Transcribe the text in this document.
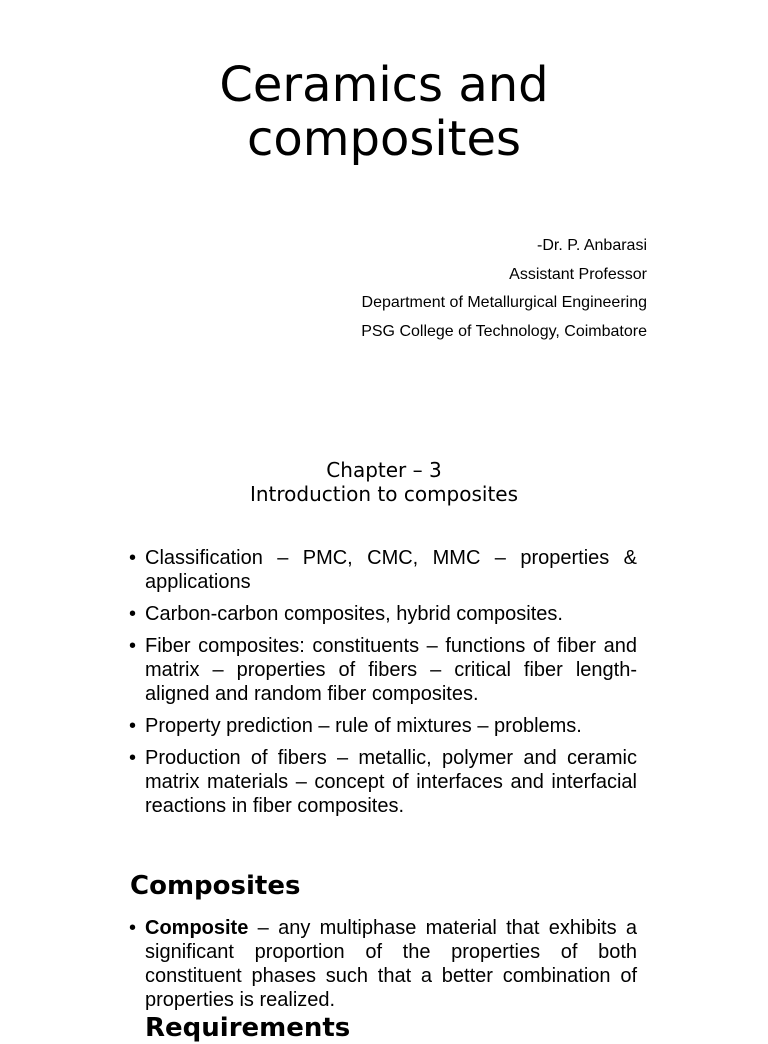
Ceramics and
composites
-Dr. P. Anbarasi
Assistant Professor
Department of Metallurgical Engineering
PSG College of Technology, Coimbatore
Chapter – 3
Introduction to composites
• Classification – PMC, CMC, MMC – properties & applications
• Carbon-carbon composites, hybrid composites.
• Fiber composites: constituents – functions of fiber and matrix – properties of fibers – critical fiber length- aligned and random fiber composites.
• Property prediction – rule of mixtures – problems.
• Production of fibers – metallic, polymer and ceramic matrix materials – concept of interfaces and interfacial reactions in fiber composites.
Composites
• Composite – any multiphase material that exhibits a significant proportion of the properties of both constituent phases such that a better combination of properties is realized.
Requirements
